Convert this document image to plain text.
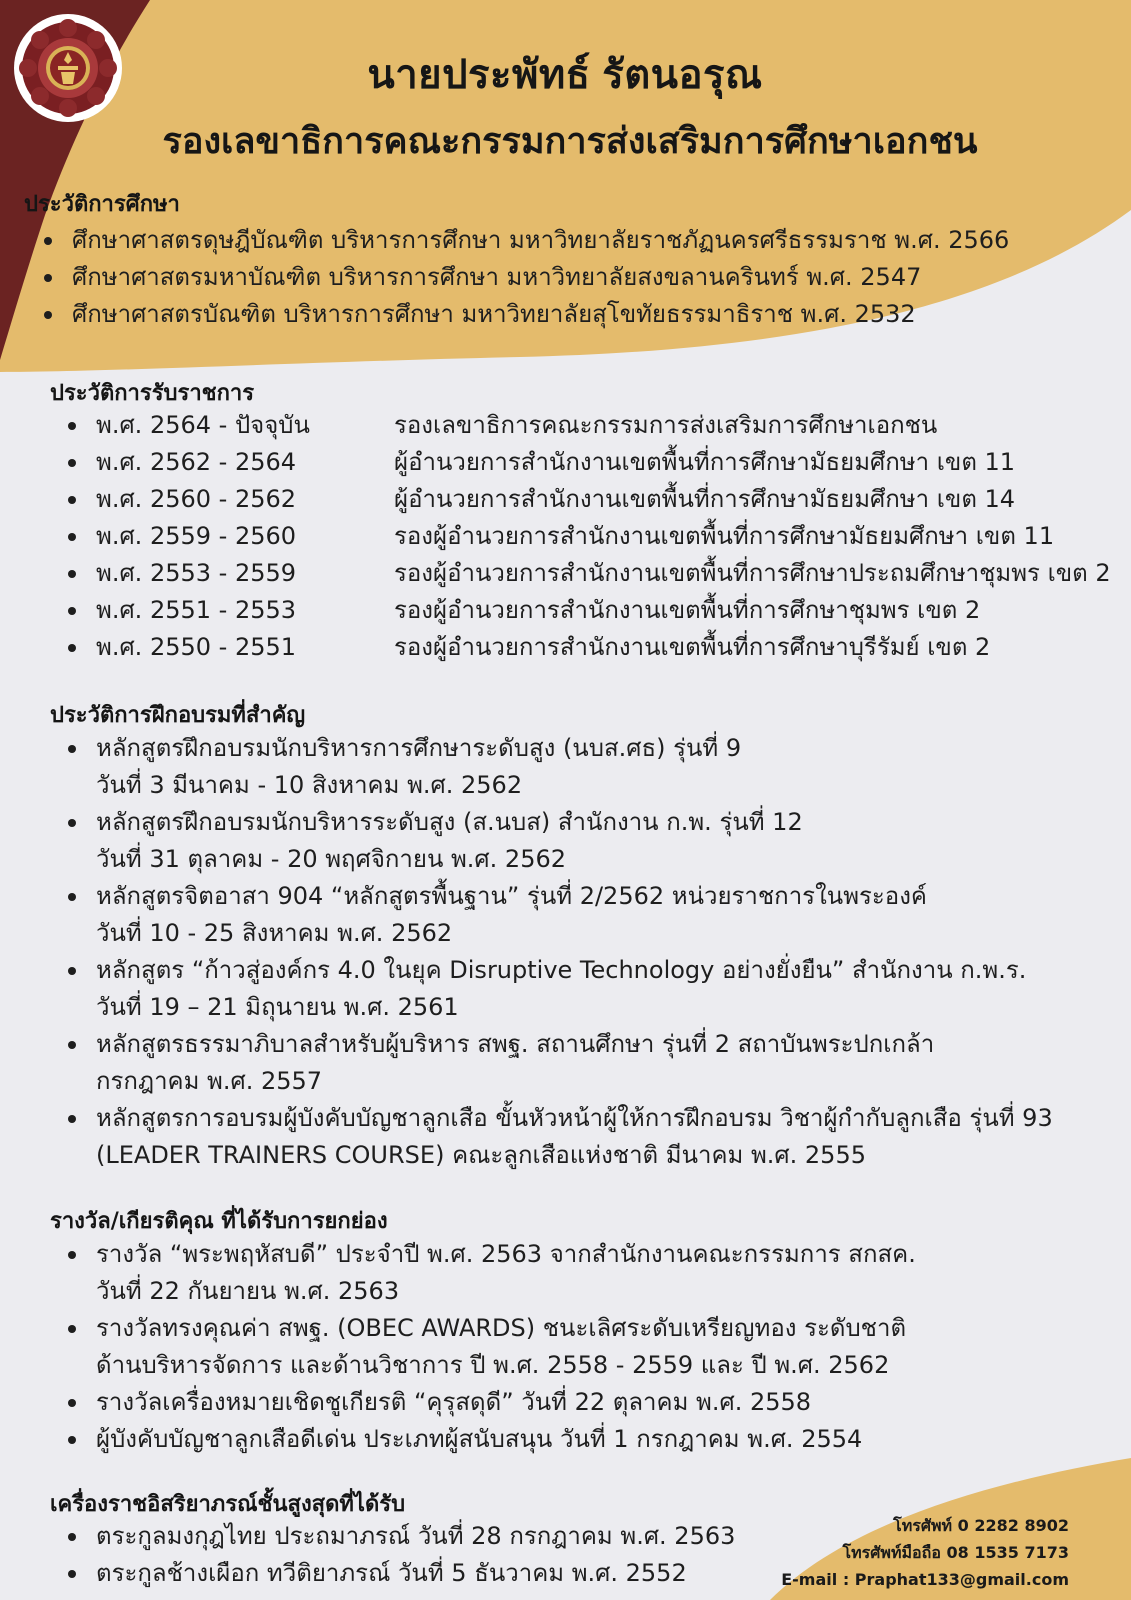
นายประพัทธ์ รัตนอรุณ
รองเลขาธิการคณะกรรมการส่งเสริมการศึกษาเอกชน
ประวัติการศึกษา
ศึกษาศาสตรดุษฎีบัณฑิต บริหารการศึกษา มหาวิทยาลัยราชภัฏนครศรีธรรมราช พ.ศ. 2566
ศึกษาศาสตรมหาบัณฑิต บริหารการศึกษา มหาวิทยาลัยสงขลานครินทร์ พ.ศ. 2547
ศึกษาศาสตรบัณฑิต บริหารการศึกษา มหาวิทยาลัยสุโขทัยธรรมาธิราช พ.ศ. 2532
ประวัติการรับราชการ
พ.ศ. 2564 - ปัจจุบัน	รองเลขาธิการคณะกรรมการส่งเสริมการศึกษาเอกชน
พ.ศ. 2562 - 2564	ผู้อำนวยการสำนักงานเขตพื้นที่การศึกษามัธยมศึกษา เขต 11
พ.ศ. 2560 - 2562	ผู้อำนวยการสำนักงานเขตพื้นที่การศึกษามัธยมศึกษา เขต 14
พ.ศ. 2559 - 2560	รองผู้อำนวยการสำนักงานเขตพื้นที่การศึกษามัธยมศึกษา เขต 11
พ.ศ. 2553 - 2559	รองผู้อำนวยการสำนักงานเขตพื้นที่การศึกษาประถมศึกษาชุมพร เขต 2
พ.ศ. 2551 - 2553	รองผู้อำนวยการสำนักงานเขตพื้นที่การศึกษาชุมพร เขต 2
พ.ศ. 2550 - 2551	รองผู้อำนวยการสำนักงานเขตพื้นที่การศึกษาบุรีรัมย์ เขต 2
ประวัติการฝึกอบรมที่สำคัญ
หลักสูตรฝึกอบรมนักบริหารการศึกษาระดับสูง (นบส.ศธ) รุ่นที่ 9
วันที่ 3 มีนาคม - 10 สิงหาคม พ.ศ. 2562
หลักสูตรฝึกอบรมนักบริหารระดับสูง (ส.นบส) สำนักงาน ก.พ. รุ่นที่ 12
วันที่ 31 ตุลาคม - 20 พฤศจิกายน พ.ศ. 2562
หลักสูตรจิตอาสา 904 “หลักสูตรพื้นฐาน” รุ่นที่ 2/2562 หน่วยราชการในพระองค์
วันที่ 10 - 25 สิงหาคม พ.ศ. 2562
หลักสูตร “ก้าวสู่องค์กร 4.0 ในยุค Disruptive Technology อย่างยั่งยืน” สำนักงาน ก.พ.ร.
วันที่ 19 – 21 มิถุนายน พ.ศ. 2561
หลักสูตรธรรมาภิบาลสำหรับผู้บริหาร สพฐ. สถานศึกษา รุ่นที่ 2 สถาบันพระปกเกล้า
กรกฎาคม พ.ศ. 2557
หลักสูตรการอบรมผู้บังคับบัญชาลูกเสือ ขั้นหัวหน้าผู้ให้การฝึกอบรม วิชาผู้กำกับลูกเสือ รุ่นที่ 93
(LEADER TRAINERS COURSE) คณะลูกเสือแห่งชาติ มีนาคม พ.ศ. 2555
รางวัล/เกียรติคุณ ที่ได้รับการยกย่อง
รางวัล “พระพฤหัสบดี” ประจำปี พ.ศ. 2563 จากสำนักงานคณะกรรมการ สกสค.
วันที่ 22 กันยายน พ.ศ. 2563
รางวัลทรงคุณค่า สพฐ. (OBEC AWARDS) ชนะเลิศระดับเหรียญทอง ระดับชาติ
ด้านบริหารจัดการ และด้านวิชาการ ปี พ.ศ. 2558 - 2559 และ ปี พ.ศ. 2562
รางวัลเครื่องหมายเชิดชูเกียรติ “คุรุสดุดี” วันที่ 22 ตุลาคม พ.ศ. 2558
ผู้บังคับบัญชาลูกเสือดีเด่น ประเภทผู้สนับสนุน วันที่ 1 กรกฎาคม พ.ศ. 2554
เครื่องราชอิสริยาภรณ์ชั้นสูงสุดที่ได้รับ
ตระกูลมงกุฎไทย ประถมาภรณ์ วันที่ 28 กรกฎาคม พ.ศ. 2563
ตระกูลช้างเผือก ทวีติยาภรณ์ วันที่ 5 ธันวาคม พ.ศ. 2552
โทรศัพท์ 0 2282 8902
โทรศัพท์มือถือ 08 1535 7173
E-mail : Praphat133@gmail.com
